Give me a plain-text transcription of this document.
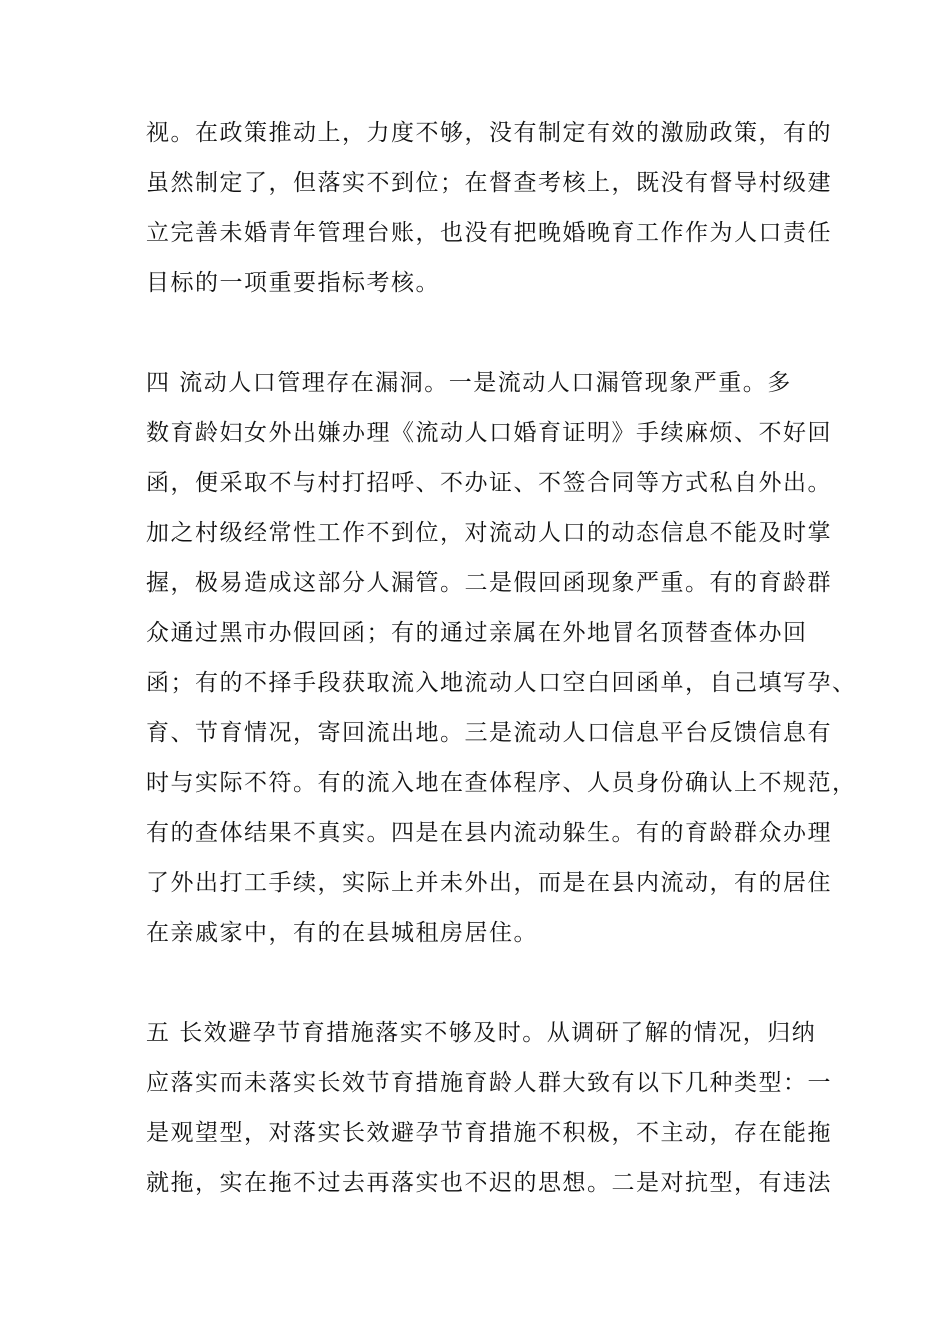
视。在政策推动上，力度不够，没有制定有效的激励政策，有的
虽然制定了，但落实不到位；在督查考核上，既没有督导村级建
立完善未婚青年管理台账，也没有把晚婚晚育工作作为人口责任
目标的一项重要指标考核。
四 流动人口管理存在漏洞。一是流动人口漏管现象严重。多
数育龄妇女外出嫌办理《流动人口婚育证明》手续麻烦、不好回
函，便采取不与村打招呼、不办证、不签合同等方式私自外出。
加之村级经常性工作不到位，对流动人口的动态信息不能及时掌
握，极易造成这部分人漏管。二是假回函现象严重。有的育龄群
众通过黑市办假回函；有的通过亲属在外地冒名顶替查体办回
函；有的不择手段获取流入地流动人口空白回函单，自己填写孕、
育、节育情况，寄回流出地。三是流动人口信息平台反馈信息有
时与实际不符。有的流入地在查体程序、人员身份确认上不规范，
有的查体结果不真实。四是在县内流动躲生。有的育龄群众办理
了外出打工手续，实际上并未外出，而是在县内流动，有的居住
在亲戚家中，有的在县城租房居住。
五 长效避孕节育措施落实不够及时。从调研了解的情况，归纳
应落实而未落实长效节育措施育龄人群大致有以下几种类型：一
是观望型，对落实长效避孕节育措施不积极，不主动，存在能拖
就拖，实在拖不过去再落实也不迟的思想。二是对抗型，有违法
